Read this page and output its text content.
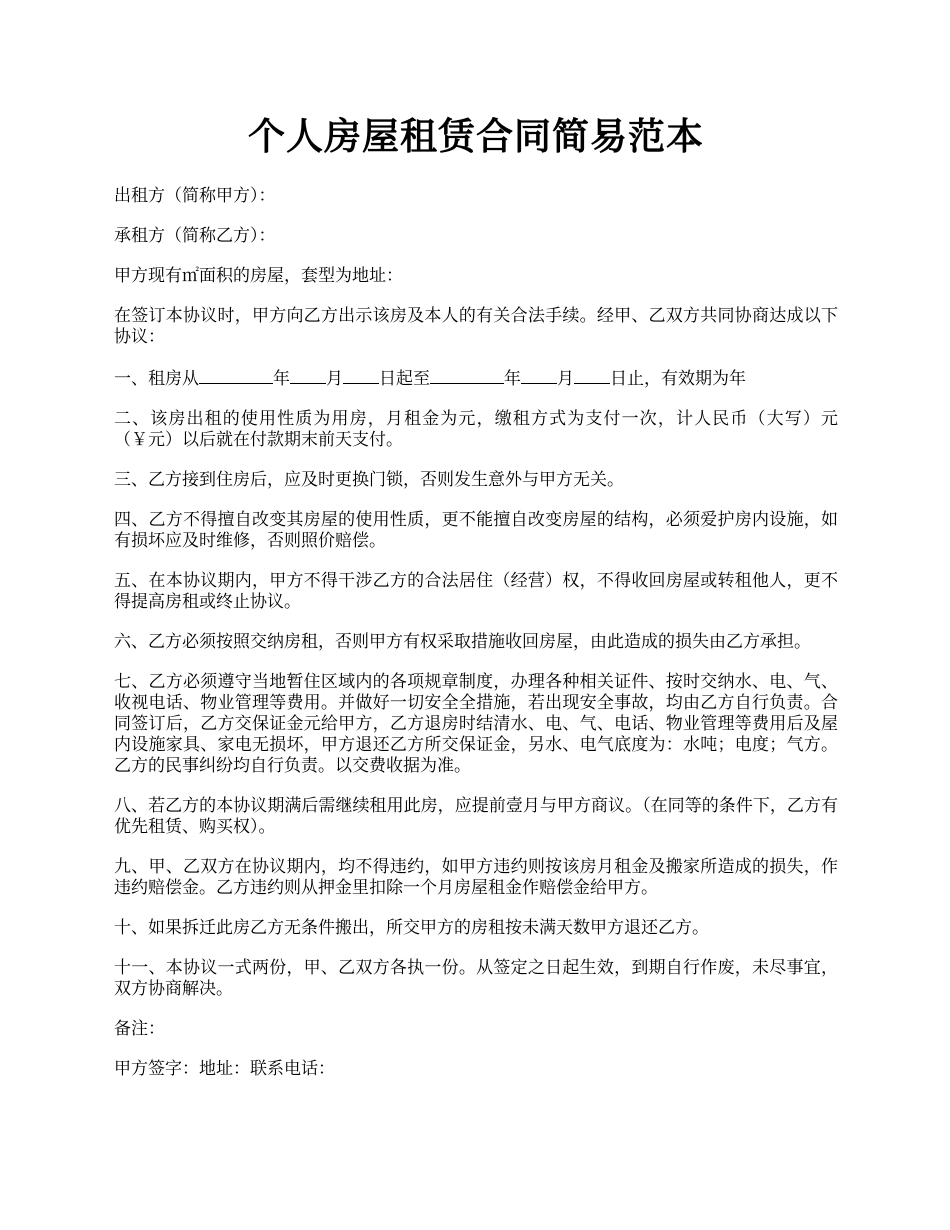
个人房屋租赁合同简易范本

出租方（简称甲方）：

承租方（简称乙方）：

甲方现有㎡面积的房屋，套型为地址：

在签订本协议时，甲方向乙方出示该房及本人的有关合法手续。经甲、乙双方共同协商达成以下协议：

一、租房从	年 月 日起至	年 月 日止，有效期为年

二、该房出租的使用性质为用房，月租金为元，缴租方式为支付一次，计人民币（大写）元（￥元）以后就在付款期末前天支付。

三、乙方接到住房后，应及时更换门锁，否则发生意外与甲方无关。

四、乙方不得擅自改变其房屋的使用性质，更不能擅自改变房屋的结构，必须爱护房内设施，如有损坏应及时维修，否则照价赔偿。

五、在本协议期内，甲方不得干涉乙方的合法居住（经营）权，不得收回房屋或转租他人，更不得提高房租或终止协议。

六、乙方必须按照交纳房租，否则甲方有权采取措施收回房屋，由此造成的损失由乙方承担。

七、乙方必须遵守当地暂住区域内的各项规章制度，办理各种相关证件、按时交纳水、电、气、收视电话、物业管理等费用。并做好一切安全全措施，若出现安全事故，均由乙方自行负责。合同签订后，乙方交保证金元给甲方，乙方退房时结清水、电、气、电话、物业管理等费用后及屋内设施家具、家电无损坏，甲方退还乙方所交保证金，另水、电气底度为：水吨；电度；气方。乙方的民事纠纷均自行负责。以交费收据为准。

八、若乙方的本协议期满后需继续租用此房，应提前壹月与甲方商议。（在同等的条件下，乙方有优先租赁、购买权）。

九、甲、乙双方在协议期内，均不得违约，如甲方违约则按该房月租金及搬家所造成的损失，作违约赔偿金。乙方违约则从押金里扣除一个月房屋租金作赔偿金给甲方。

十、如果拆迁此房乙方无条件搬出，所交甲方的房租按未满天数甲方退还乙方。

十一、本协议一式两份，甲、乙双方各执一份。从签定之日起生效，到期自行作废，未尽事宜，双方协商解决。

备注：

甲方签字：地址：联系电话：
